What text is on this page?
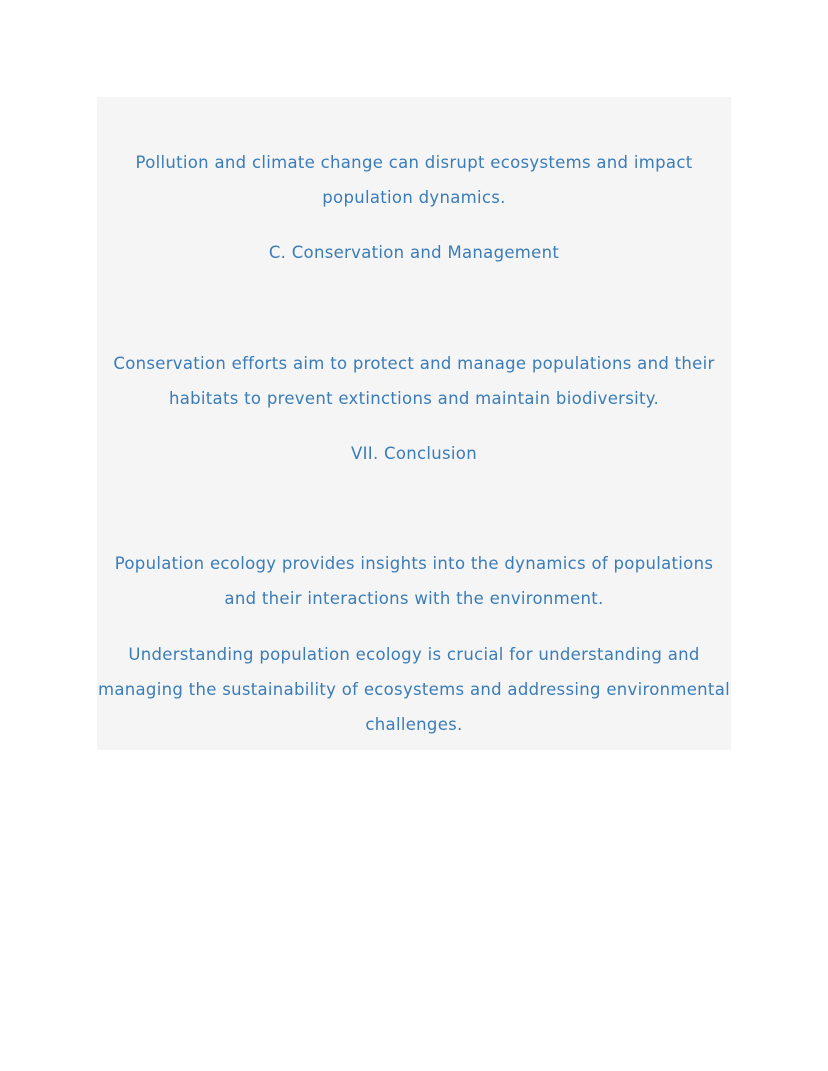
Pollution and climate change can disrupt ecosystems and impact population dynamics.

C. Conservation and Management

Conservation efforts aim to protect and manage populations and their habitats to prevent extinctions and maintain biodiversity.

VII. Conclusion

Population ecology provides insights into the dynamics of populations and their interactions with the environment.

Understanding population ecology is crucial for understanding and managing the sustainability of ecosystems and addressing environmental challenges.
